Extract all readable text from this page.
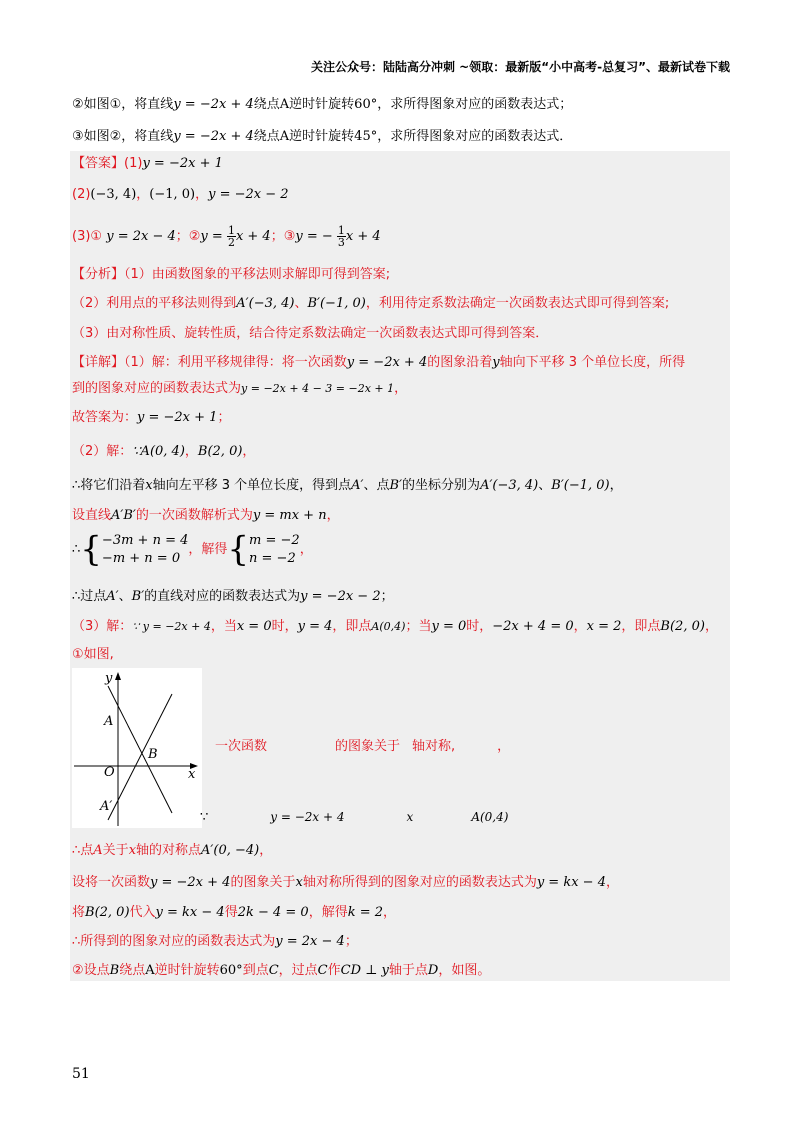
关注公众号：陆陆高分冲刺 ~领取：最新版“小中高考-总复习”、最新试卷下载
②如图①，将直线y = −2x + 4绕点A逆时针旋转60°，求所得图象对应的函数表达式；
③如图②，将直线y = −2x + 4绕点A逆时针旋转45°，求所得图象对应的函数表达式．
【答案】(1)y = −2x + 1
(2)(−3, 4)，(−1, 0)，y = −2x − 2
(3)① y = 2x − 4；②y = $\frac{1}{2}$ x + 4；③y = − $\frac{1}{3}$ x + 4
【分析】（1）由函数图象的平移法则求解即可得到答案;
（2）利用点的平移法则得到A′(−3, 4)、B′(−1, 0)，利用待定系数法确定一次函数表达式即可得到答案;
（3）由对称性质、旋转性质，结合待定系数法确定一次函数表达式即可得到答案．
【详解】（1）解：利用平移规律得：将一次函数y = −2x + 4的图象沿着y轴向下平移 3 个单位长度，所得
到的图象对应的函数表达式为y = −2x + 4 − 3 = −2x + 1，
故答案为：y = −2x + 1；
（2）解：∵A(0, 4)，B(2, 0)，
∴将它们沿着x轴向左平移 3 个单位长度，得到点A′、点B′的坐标分别为A′(−3, 4)、B′(−1, 0)，
设直线A′B′的一次函数解析式为y = mx + n，
∴{ −3m + n = 4
−m + n = 0
，解得{ m = −2
n = −2
，
∴过点A′、B′的直线对应的函数表达式为y = −2x − 2；
（3）解：∵ y = −2x + 4，当x = 0时，y = 4，即点A(0,4)；当y = 0时，−2x + 4 = 0，x = 2，即点B(2, 0)，
①如图,
y
x
O
A
B
A′
一次函数	的图象关于 轴对称,	，
∵	y = −2x + 4	x	A(0,4)
∴点A关于x轴的对称点A′(0, −4)，
设将一次函数y = −2x + 4的图象关于x轴对称所得到的图象对应的函数表达式为y = kx − 4，
将B(2, 0)代入y = kx − 4得2k − 4 = 0，解得k = 2，
∴所得到的图象对应的函数表达式为y = 2x − 4；
②设点B绕点A逆时针旋转60°到点C，过点C作CD ⊥ y轴于点D，如图。
51
